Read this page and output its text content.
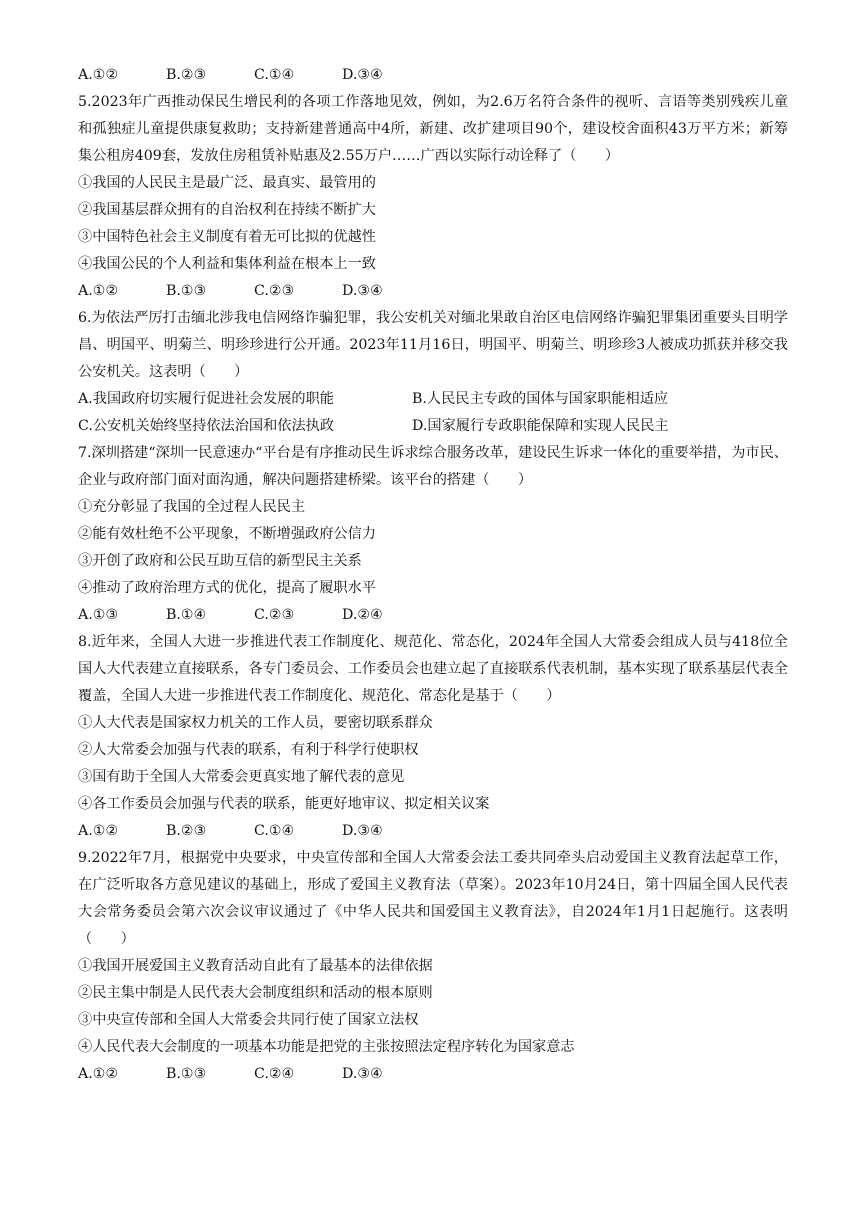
A.①②	B.②③	C.①④	D.③④
5.2023年广西推动保民生增民利的各项工作落地见效，例如，为2.6万名符合条件的视听、言语等类别残疾儿童和孤独症儿童提供康复救助；支持新建普通高中4所，新建、改扩建项目90个，建设校舍面积43万平方米；新筹集公租房409套，发放住房租赁补贴惠及2.55万户……广西以实际行动诠释了（　　）
①我国的人民民主是最广泛、最真实、最管用的
②我国基层群众拥有的自治权利在持续不断扩大
③中国特色社会主义制度有着无可比拟的优越性
④我国公民的个人利益和集体利益在根本上一致
A.①②	B.①③	C.②③	D.③④
6.为依法严厉打击缅北涉我电信网络诈骗犯罪，我公安机关对缅北果敢自治区电信网络诈骗犯罪集团重要头目明学昌、明国平、明菊兰、明珍珍进行公开通。2023年11月16日，明国平、明菊兰、明珍珍3人被成功抓获并移交我公安机关。这表明（　　）
A.我国政府切实履行促进社会发展的职能	B.人民民主专政的国体与国家职能相适应
C.公安机关始终坚持依法治国和依法执政	D.国家履行专政职能保障和实现人民民主
7.深圳搭建“深圳一民意速办“平台是有序推动民生诉求综合服务改革，建设民生诉求一体化的重要举措，为市民、企业与政府部门面对面沟通，解决问题搭建桥梁。该平台的搭建（　　）
①充分彰显了我国的全过程人民民主
②能有效杜绝不公平现象，不断增强政府公信力
③开创了政府和公民互助互信的新型民主关系
④推动了政府治理方式的优化，提高了履职水平
A.①③	B.①④	C.②③	D.②④
8.近年来，全国人大进一步推进代表工作制度化、规范化、常态化，2024年全国人大常委会组成人员与418位全国人大代表建立直接联系，各专门委员会、工作委员会也建立起了直接联系代表机制，基本实现了联系基层代表全覆盖，全国人大进一步推进代表工作制度化、规范化、常态化是基于（　　）
①人大代表是国家权力机关的工作人员，要密切联系群众
②人大常委会加强与代表的联系，有利于科学行使职权
③国有助于全国人大常委会更真实地了解代表的意见
④各工作委员会加强与代表的联系，能更好地审议、拟定相关议案
A.①②	B.②③	C.①④	D.③④
9.2022年7月，根据党中央要求，中央宣传部和全国人大常委会法工委共同牵头启动爱国主义教育法起草工作，在广泛听取各方意见建议的基础上，形成了爱国主义教育法（草案）。2023年10月24日，第十四届全国人民代表大会常务委员会第六次会议审议通过了《中华人民共和国爱国主义教育法》，自2024年1月1日起施行。这表明（　　）
①我国开展爱国主义教育活动自此有了最基本的法律依据
②民主集中制是人民代表大会制度组织和活动的根本原则
③中央宣传部和全国人大常委会共同行使了国家立法权
④人民代表大会制度的一项基本功能是把党的主张按照法定程序转化为国家意志
A.①②	B.①③	C.②④	D.③④
